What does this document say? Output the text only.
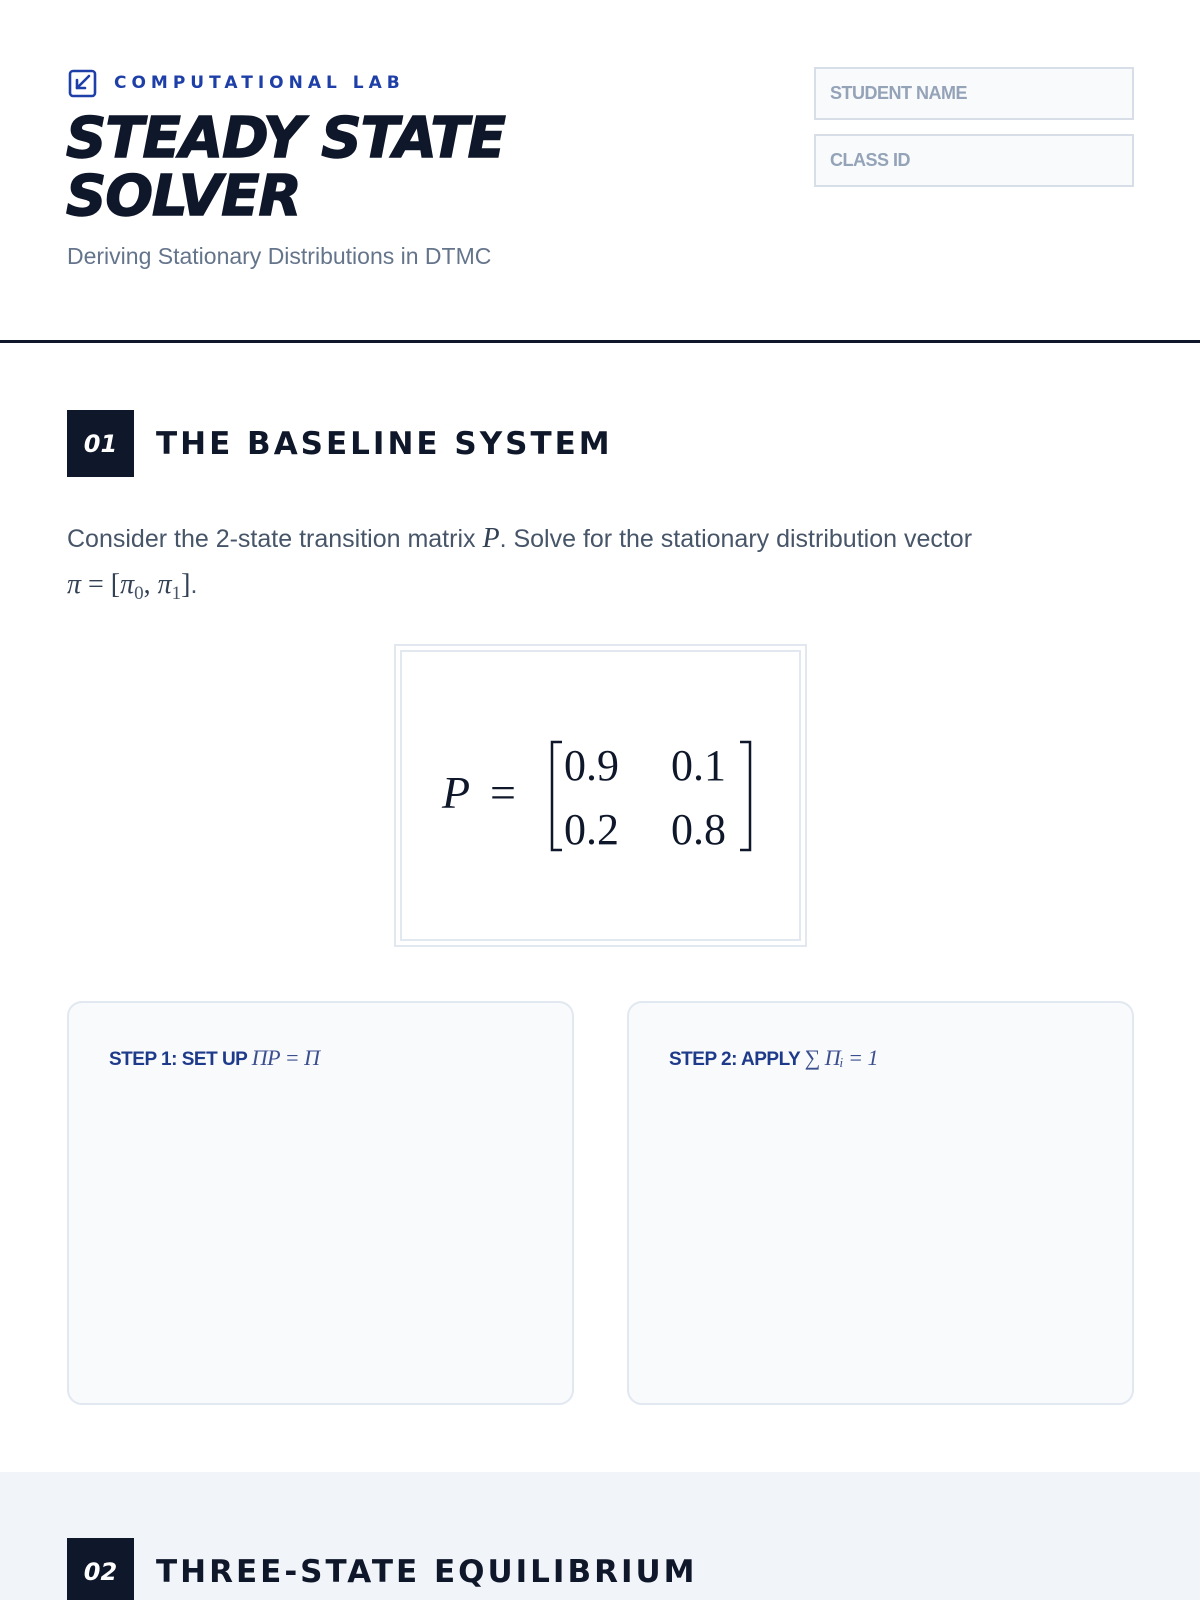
COMPUTATIONAL LAB
STEADY STATE SOLVER
Deriving Stationary Distributions in DTMC
STUDENT NAME
CLASS ID
01	THE BASELINE SYSTEM
Consider the 2-state transition matrix P. Solve for the stationary distribution vector
$\pi = [\pi_0$, $\pi_1$].
P =
0.9 0.1
0.2 0.8
STEP 1: SET UP ΠP = Π	STEP 2: APPLY ∑ Πᵢ = 1
02	THREE-STATE EQUILIBRIUM
